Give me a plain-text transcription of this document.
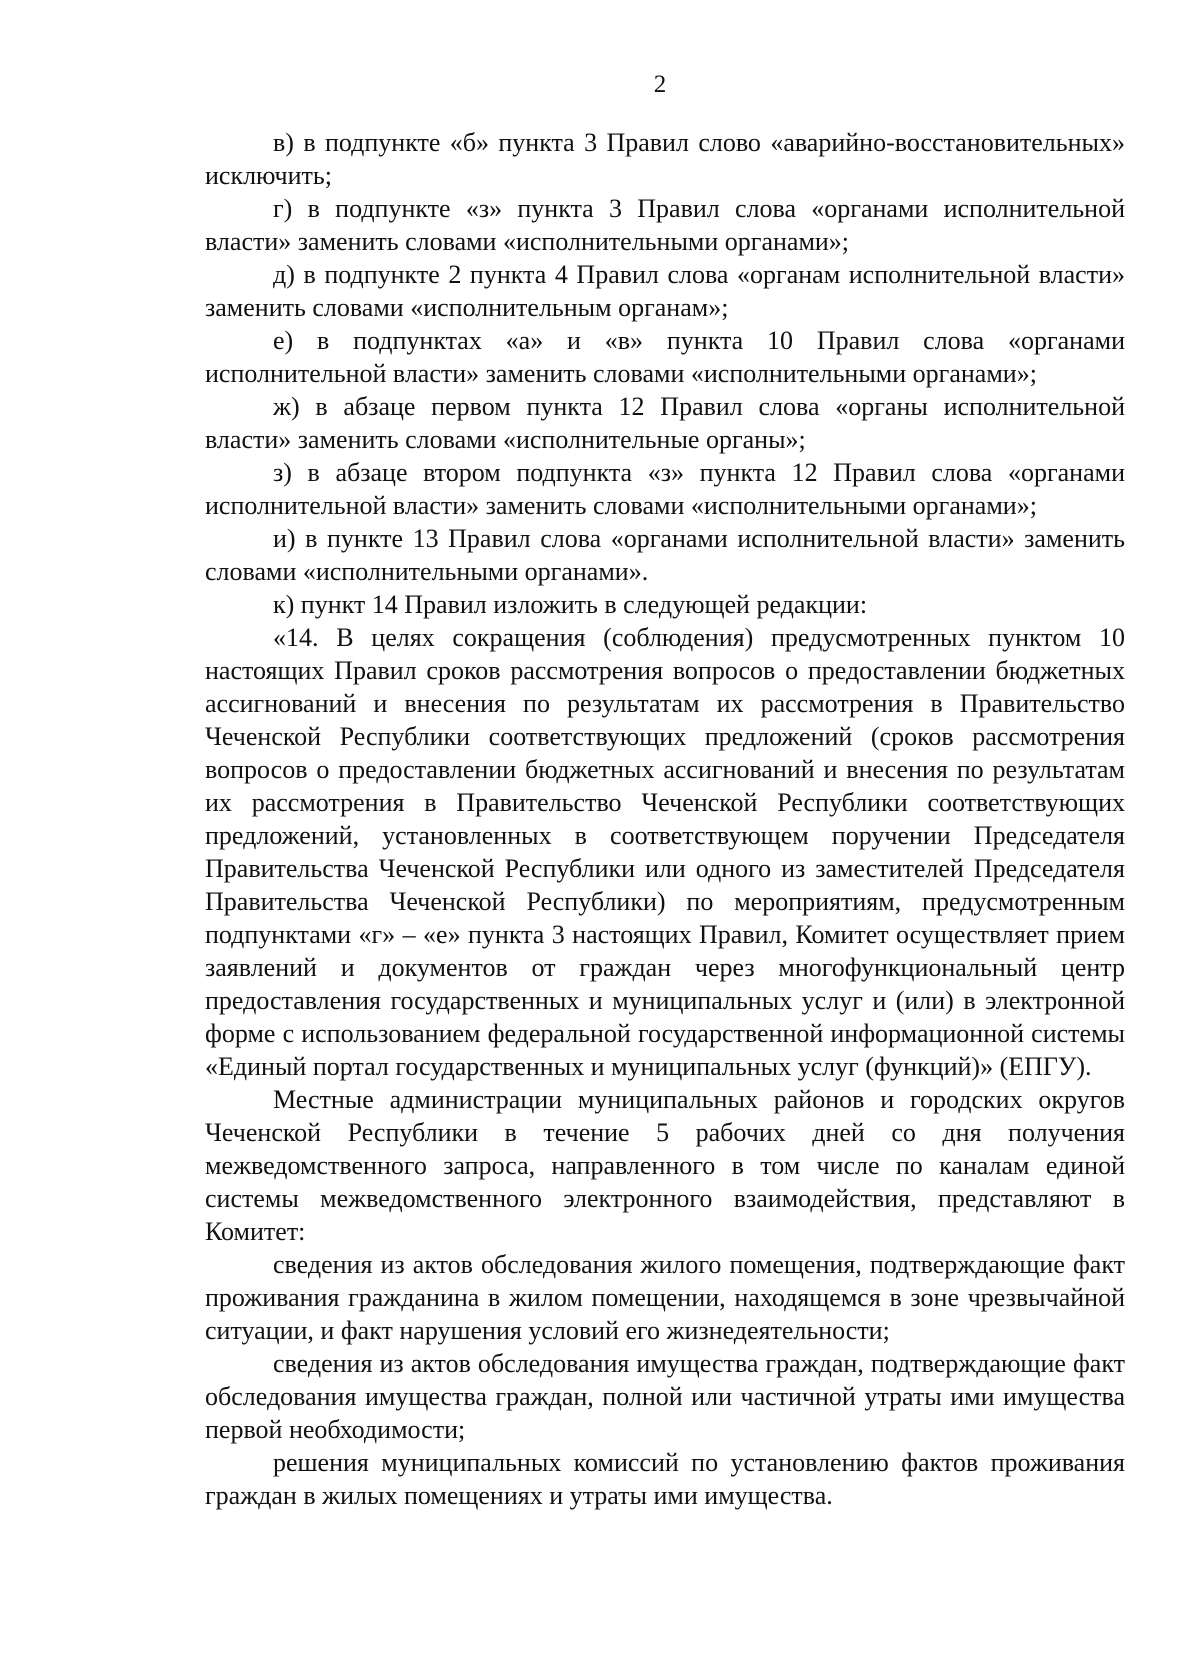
2

в) в подпункте «б» пункта 3 Правил слово «аварийно-восстановительных» исключить;

г) в подпункте «з» пункта 3 Правил слова «органами исполнительной власти» заменить словами «исполнительными органами»;

д) в подпункте 2 пункта 4 Правил слова «органам исполнительной власти» заменить словами «исполнительным органам»;

е) в подпунктах «а» и «в» пункта 10 Правил слова «органами исполнительной власти» заменить словами «исполнительными органами»;

ж) в абзаце первом пункта 12 Правил слова «органы исполнительной власти» заменить словами «исполнительные органы»;

з) в абзаце втором подпункта «з» пункта 12 Правил слова «органами исполнительной власти» заменить словами «исполнительными органами»;

и) в пункте 13 Правил слова «органами исполнительной власти» заменить словами «исполнительными органами».

к) пункт 14 Правил изложить в следующей редакции:

«14. В целях сокращения (соблюдения) предусмотренных пунктом 10 настоящих Правил сроков рассмотрения вопросов о предоставлении бюджетных ассигнований и внесения по результатам их рассмотрения в Правительство Чеченской Республики соответствующих предложений (сроков рассмотрения вопросов о предоставлении бюджетных ассигнований и внесения по результатам их рассмотрения в Правительство Чеченской Республики соответствующих предложений, установленных в соответствующем поручении Председателя Правительства Чеченской Республики или одного из заместителей Председателя Правительства Чеченской Республики) по мероприятиям, предусмотренным подпунктами «г» – «е» пункта 3 настоящих Правил, Комитет осуществляет прием заявлений и документов от граждан через многофункциональный центр предоставления государственных и муниципальных услуг и (или) в электронной форме с использованием федеральной государственной информационной системы «Единый портал государственных и муниципальных услуг (функций)» (ЕПГУ).

Местные администрации муниципальных районов и городских округов Чеченской Республики в течение 5 рабочих дней со дня получения межведомственного запроса, направленного в том числе по каналам единой системы межведомственного электронного взаимодействия, представляют в Комитет:

сведения из актов обследования жилого помещения, подтверждающие факт проживания гражданина в жилом помещении, находящемся в зоне чрезвычайной ситуации, и факт нарушения условий его жизнедеятельности;

сведения из актов обследования имущества граждан, подтверждающие факт обследования имущества граждан, полной или частичной утраты ими имущества первой необходимости;

решения муниципальных комиссий по установлению фактов проживания граждан в жилых помещениях и утраты ими имущества.
